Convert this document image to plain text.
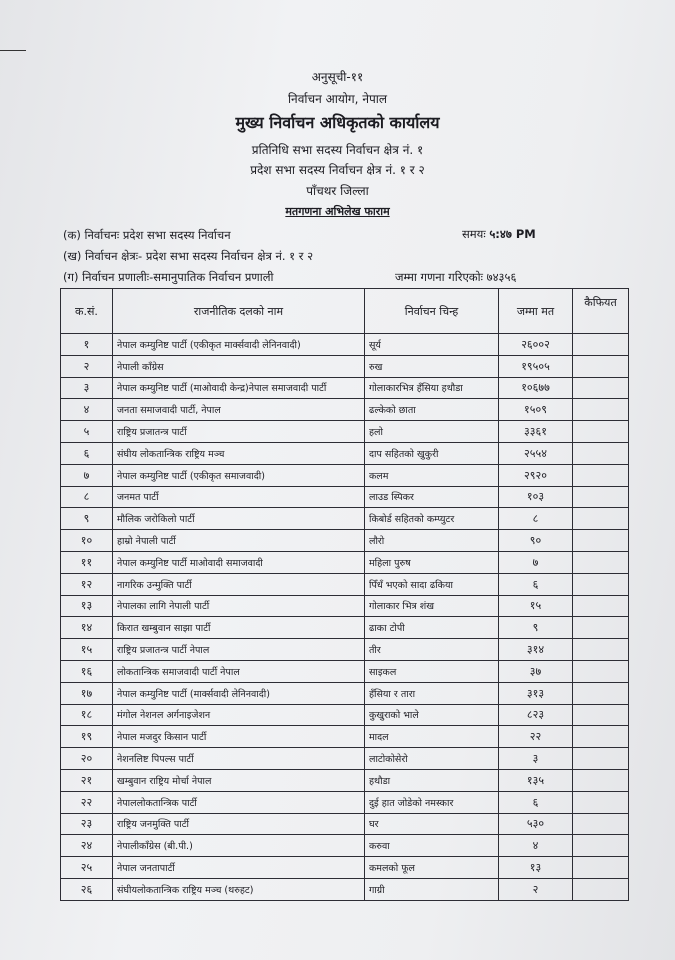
अनुसूची-११
निर्वाचन आयोग, नेपाल
मुख्य निर्वाचन अधिकृतको कार्यालय
प्रतिनिधि सभा सदस्य निर्वाचन क्षेत्र नं. १
प्रदेश सभा सदस्य निर्वाचन क्षेत्र नं. १ र २
पाँचथर जिल्ला
मतगणना अभिलेख फाराम
(क) निर्वाचनः प्रदेश सभा सदस्य निर्वाचन	समयः ५:४७ PM
(ख) निर्वाचन क्षेत्रः- प्रदेश सभा सदस्य निर्वाचन क्षेत्र नं. १ र २
(ग) निर्वाचन प्रणालीः-समानुपातिक निर्वाचन प्रणाली	जम्मा गणना गरिएकोः ७४३५६
क.सं.	राजनीतिक दलको नाम	निर्वाचन चिन्ह	जम्मा मत	कैफियत
१	नेपाल कम्युनिष्ट पार्टी (एकीकृत मार्क्सवादी लेनिनवादी)	सूर्य	२६००२	
२	नेपाली काँग्रेस	रुख	१९५०५	
३	नेपाल कम्युनिष्ट पार्टी (माओवादी केन्द्र)नेपाल समाजवादी पार्टी	गोलाकारभित्र हँसिया हथौडा	१०६७७	
४	जनता समाजवादी पार्टी, नेपाल	ढल्केको छाता	१५०९	
५	राष्ट्रिय प्रजातन्त्र पार्टी	हलो	३३६१	
६	संघीय लोकतान्त्रिक राष्ट्रिय मञ्च	दाप सहितको खुकुरी	२५५४	
७	नेपाल कम्युनिष्ट पार्टी (एकीकृत समाजवादी)	कलम	२९२०	
८	जनमत पार्टी	लाउड स्पिकर	१०३	
९	मौलिक जरोकिलो पार्टी	किबोर्ड सहितको कम्प्युटर	८	
१०	हाम्रो नेपाली पार्टी	लौरो	९०	
११	नेपाल कम्युनिष्ट पार्टी माओवादी समाजवादी	महिला पुरुष	७	
१२	नागरिक उन्मुक्ति पार्टी	पिँधँ भएको सादा ढकिया	६	
१३	नेपालका लागि नेपाली पार्टी	गोलाकार भित्र शंख	१५	
१४	किरात खम्बुवान साझा पार्टी	ढाका टोपी	९	
१५	राष्ट्रिय प्रजातन्त्र पार्टी नेपाल	तीर	३१४	
१६	लोकतान्त्रिक समाजवादी पार्टी नेपाल	साइकल	३७	
१७	नेपाल कम्युनिष्ट पार्टी (मार्क्सवादी लेनिनवादी)	हँसिया र तारा	३१३	
१८	मंगोल नेशनल अर्गनाइजेशन	कुखुराको भाले	८२३	
१९	नेपाल मजदुर किसान पार्टी	मादल	२२	
२०	नेशनलिष्ट पिपल्स पार्टी	लाटोकोसेरो	३	
२१	खम्बुवान राष्ट्रिय मोर्चा नेपाल	हथौडा	१३५	
२२	नेपाललोकतान्त्रिक पार्टी	दुई हात जोडेको नमस्कार	६	
२३	राष्ट्रिय जनमुक्ति पार्टी	घर	५३०	
२४	नेपालीकाँग्रेस (बी.पी.)	करुवा	४	
२५	नेपाल जनतापार्टी	कमलको फूल	१३	
२६	संघीयलोकतान्त्रिक राष्ट्रिय मञ्च (थरुहट)	गाग्री	२	
